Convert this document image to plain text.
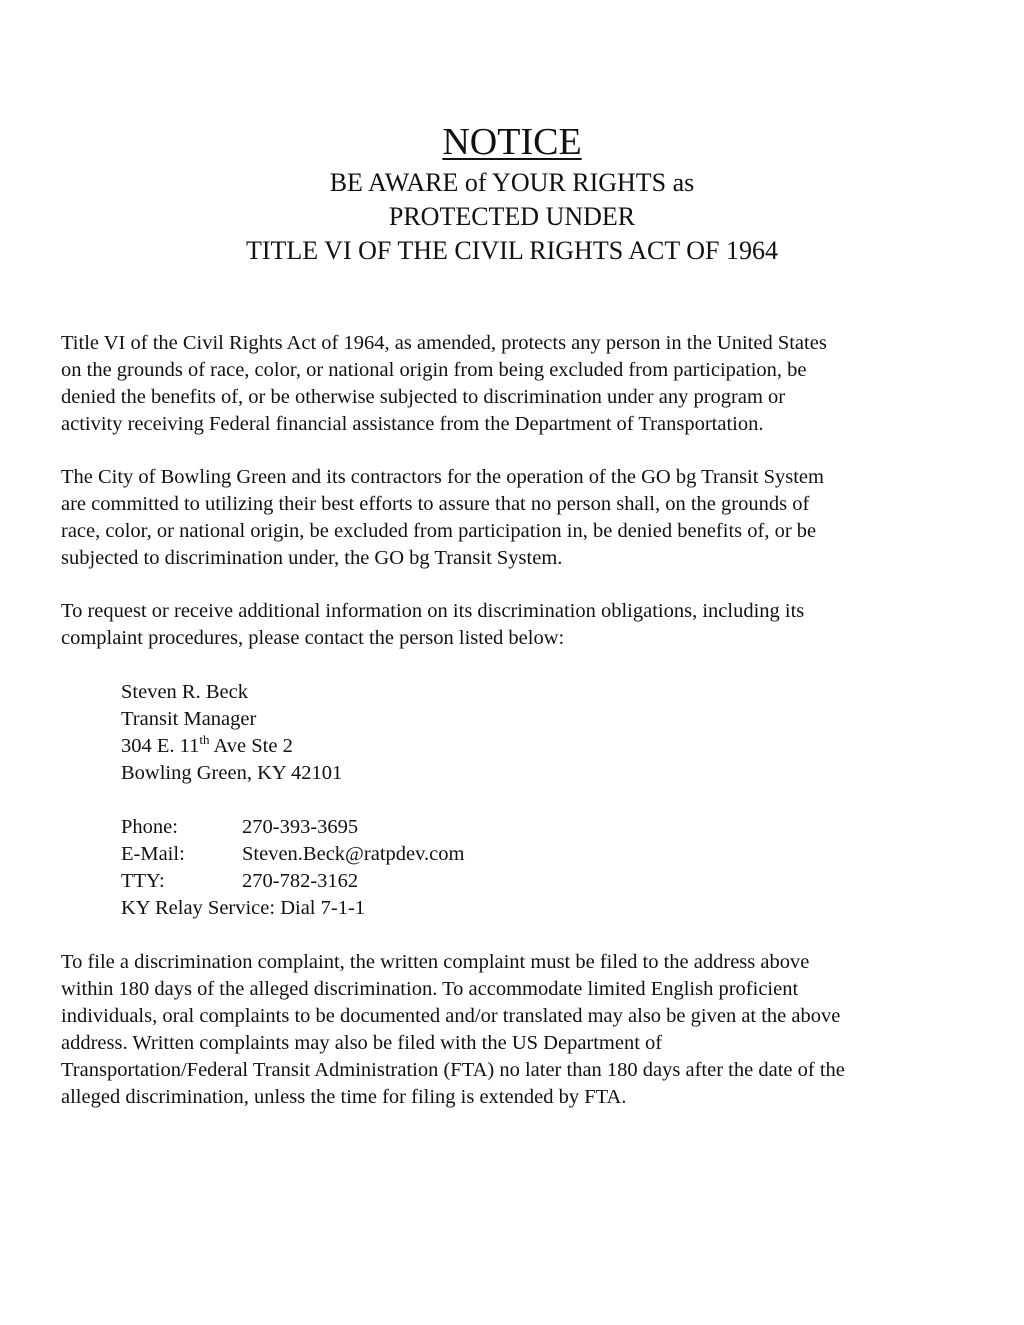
NOTICE
BE AWARE of YOUR RIGHTS as
PROTECTED UNDER
TITLE VI OF THE CIVIL RIGHTS ACT OF 1964
Title VI of the Civil Rights Act of 1964, as amended, protects any person in the United States
on the grounds of race, color, or national origin from being excluded from participation, be
denied the benefits of, or be otherwise subjected to discrimination under any program or
activity receiving Federal financial assistance from the Department of Transportation.
The City of Bowling Green and its contractors for the operation of the GO bg Transit System
are committed to utilizing their best efforts to assure that no person shall, on the grounds of
race, color, or national origin, be excluded from participation in, be denied benefits of, or be
subjected to discrimination under, the GO bg Transit System.
To request or receive additional information on its discrimination obligations, including its
complaint procedures, please contact the person listed below:
Steven R. Beck
Transit Manager
304 E. 11th Ave Ste 2
Bowling Green, KY 42101
Phone:	270-393-3695
E-Mail:	Steven.Beck@ratpdev.com
TTY:	270-782-3162
KY Relay Service: Dial 7-1-1
To file a discrimination complaint, the written complaint must be filed to the address above
within 180 days of the alleged discrimination. To accommodate limited English proficient
individuals, oral complaints to be documented and/or translated may also be given at the above
address. Written complaints may also be filed with the US Department of
Transportation/Federal Transit Administration (FTA) no later than 180 days after the date of the
alleged discrimination, unless the time for filing is extended by FTA.
